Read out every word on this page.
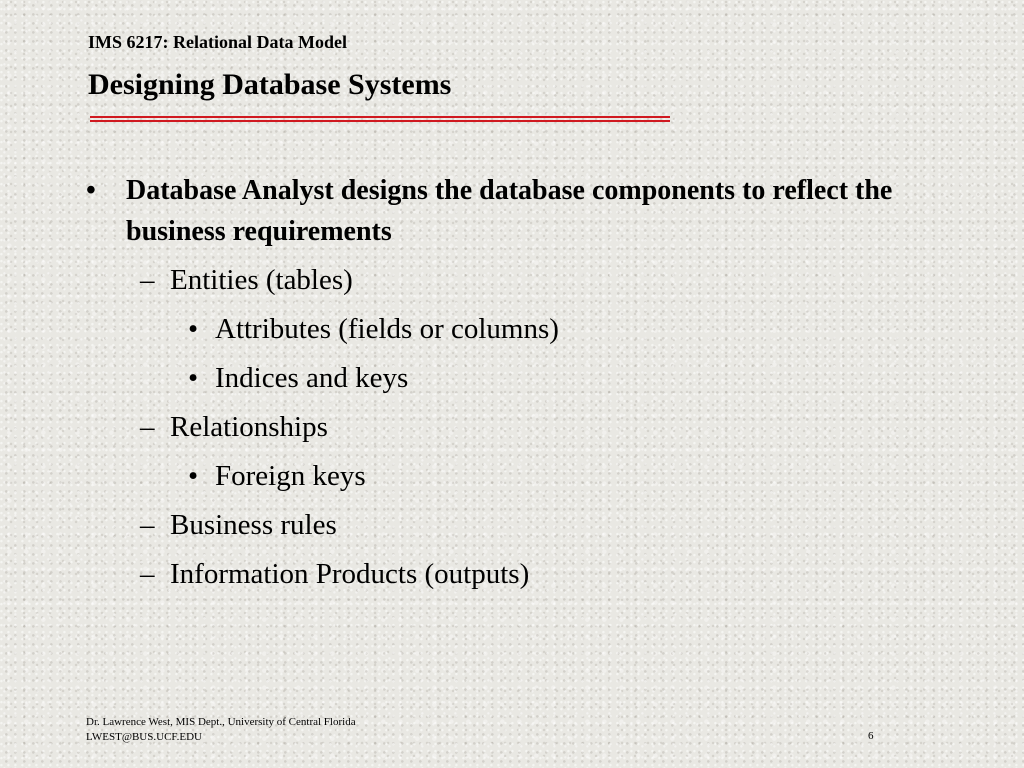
IMS 6217: Relational Data Model
Designing Database Systems
• Database Analyst designs the database components to reflect the business requirements
– Entities (tables)
• Attributes (fields or columns)
• Indices and keys
– Relationships
• Foreign keys
– Business rules
– Information Products (outputs)
Dr. Lawrence West, MIS Dept., University of Central Florida
LWEST@BUS.UCF.EDU	6
